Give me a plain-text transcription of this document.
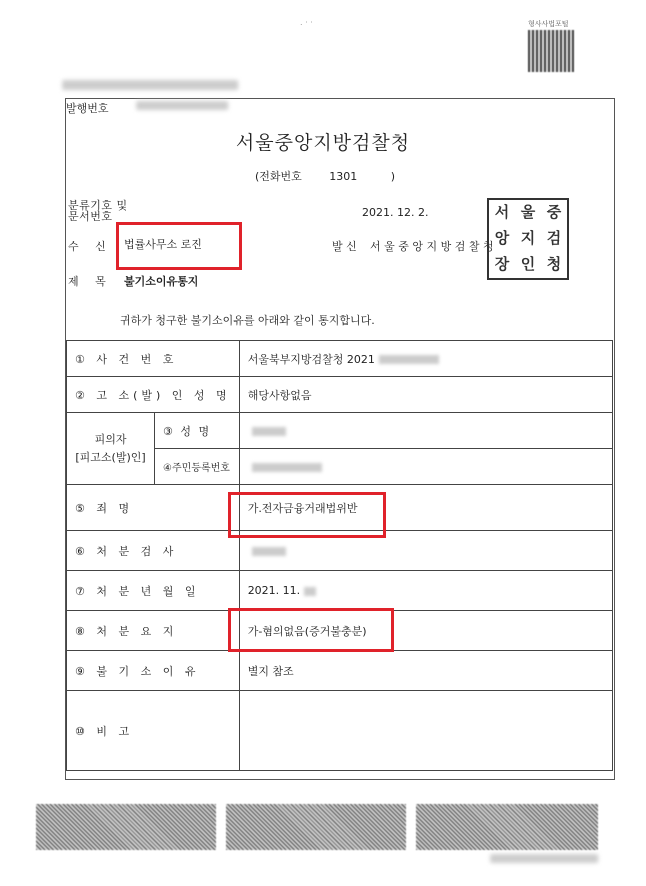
. · ·	형사사법포털
발행번호
서울중앙지방검찰청
(전화번호	1301	)
분류기호 및
문서번호	2021. 12. 2.
수    신 법률사무소 로진	발 신 서 울 중 앙 지 방 검 찰 청
서 울 중
앙 지 검
장 인 청
제    목 불기소이유통지
귀하가 청구한 불기소이유를 아래와 같이 통지합니다.
① 사 건 번 호		서울북부지방검찰청 2021
② 고 소(발) 인 성 명		해당사항없음
피의자
[피고소(발)인]	③ 성 명	
	④주민등록번호	
⑤ 죄 명		가.전자금융거래법위반
⑥ 처 분 검 사		
⑦ 처 분 년 월 일		2021. 11.
⑧ 처 분 요 지		가-혐의없음(증거불충분)
⑨ 불 기 소 이 유		별지 참조
⑩ 비 고		
